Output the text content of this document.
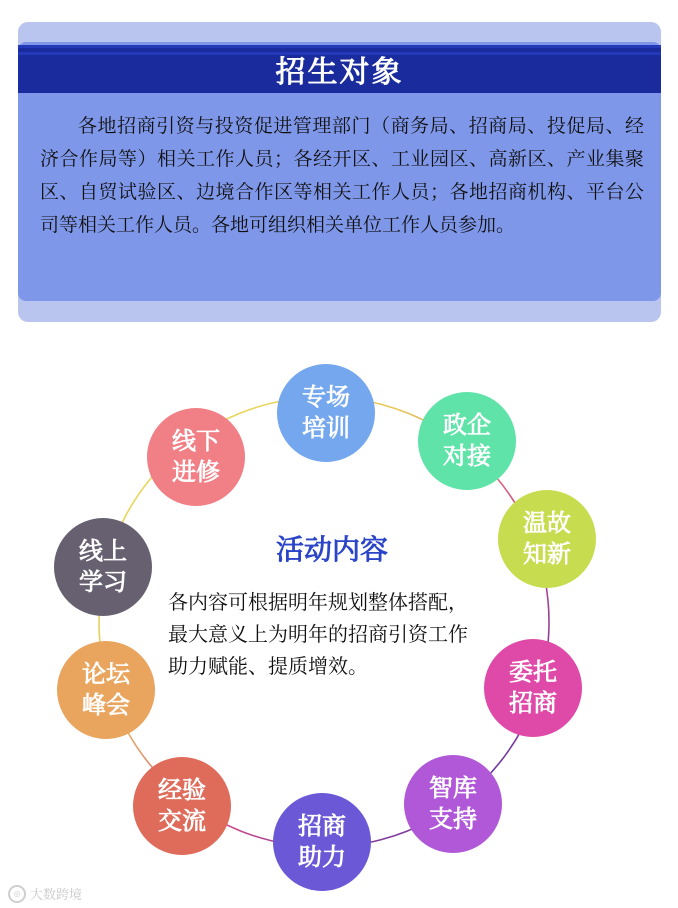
招生对象
各地招商引资与投资促进管理部门（商务局、招商局、投促局、经济合作局等）相关工作人员；各经开区、工业园区、高新区、产业集聚区、自贸试验区、边境合作区等相关工作人员；各地招商机构、平台公司等相关工作人员。各地可组织相关单位工作人员参加。
专场
培训	政企
对接
温故
知新
委托
招商
智库
支持
招商
助力
经验
交流
论坛
峰会
线上
学习
线下
进修
活动内容
各内容可根据明年规划整体搭配，
最大意义上为明年的招商引资工作
助力赋能、提质增效。
◎ 大数跨境
